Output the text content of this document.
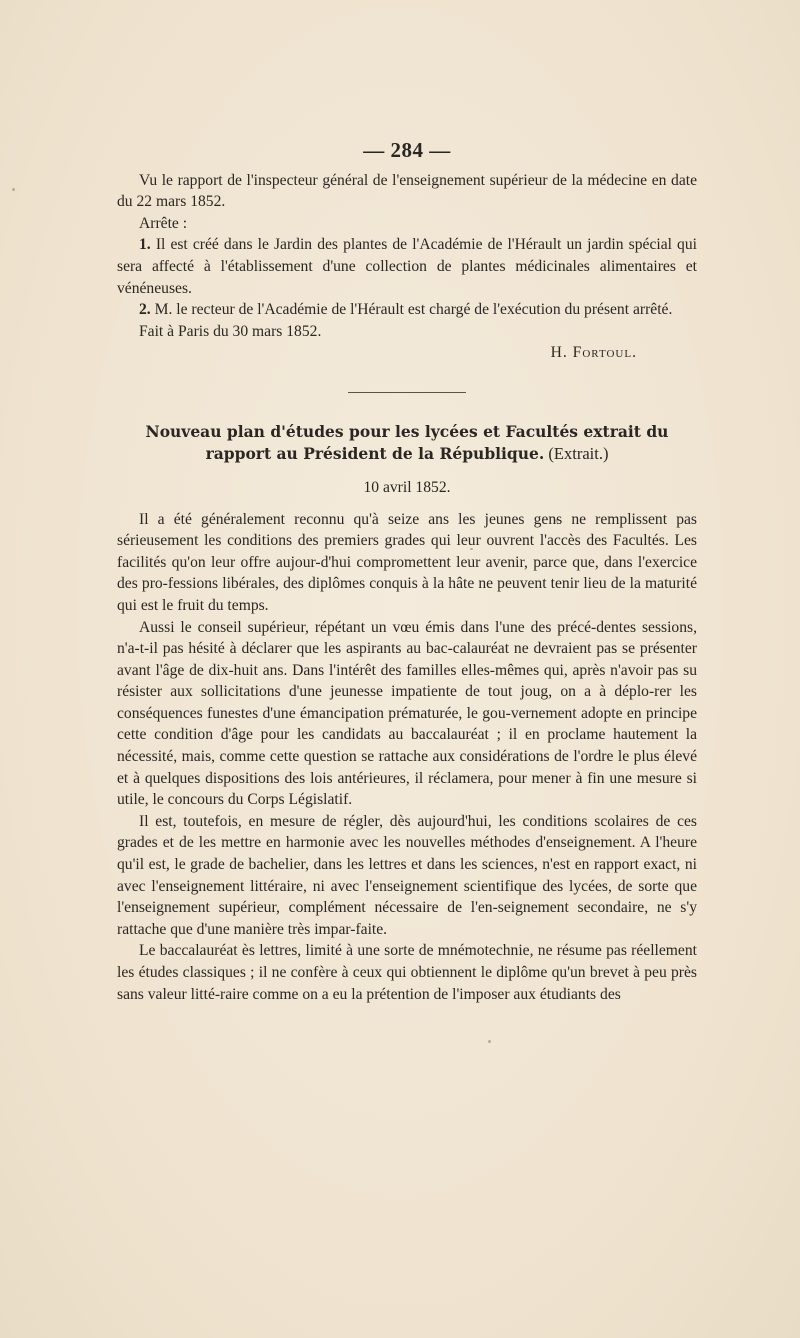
— 284 —

Vu le rapport de l'inspecteur général de l'enseignement supérieur de la médecine en date du 22 mars 1852.

Arrête :

1. Il est créé dans le Jardin des plantes de l'Académie de l'Hérault un jardin spécial qui sera affecté à l'établissement d'une collection de plantes médicinales alimentaires et vénéneuses.

2. M. le recteur de l'Académie de l'Hérault est chargé de l'exécution du présent arrêté.

Fait à Paris du 30 mars 1852.

H. Fortoul.

Nouveau plan d'études pour les lycées et Facultés extrait du rapport au Président de la République. (Extrait.)
10 avril 1852.

Il a été généralement reconnu qu'à seize ans les jeunes gens ne remplissent pas sérieusement les conditions des premiers grades qui leur ouvrent l'accès des Facultés. Les facilités qu'on leur offre aujour-d'hui compromettent leur avenir, parce que, dans l'exercice des pro-fessions libérales, des diplômes conquis à la hâte ne peuvent tenir lieu de la maturité qui est le fruit du temps.

Aussi le conseil supérieur, répétant un vœu émis dans l'une des précé-dentes sessions, n'a-t-il pas hésité à déclarer que les aspirants au bac-calauréat ne devraient pas se présenter avant l'âge de dix-huit ans. Dans l'intérêt des familles elles-mêmes qui, après n'avoir pas su résister aux sollicitations d'une jeunesse impatiente de tout joug, on a à déplo-rer les conséquences funestes d'une émancipation prématurée, le gou-vernement adopte en principe cette condition d'âge pour les candidats au baccalauréat ; il en proclame hautement la nécessité, mais, comme cette question se rattache aux considérations de l'ordre le plus élevé et à quelques dispositions des lois antérieures, il réclamera, pour mener à fin une mesure si utile, le concours du Corps Législatif.

Il est, toutefois, en mesure de régler, dès aujourd'hui, les conditions scolaires de ces grades et de les mettre en harmonie avec les nouvelles méthodes d'enseignement. A l'heure qu'il est, le grade de bachelier, dans les lettres et dans les sciences, n'est en rapport exact, ni avec l'enseignement littéraire, ni avec l'enseignement scientifique des lycées, de sorte que l'enseignement supérieur, complément nécessaire de l'en-seignement secondaire, ne s'y rattache que d'une manière très impar-faite.

Le baccalauréat ès lettres, limité à une sorte de mnémotechnie, ne résume pas réellement les études classiques ; il ne confère à ceux qui obtiennent le diplôme qu'un brevet à peu près sans valeur litté-raire comme on a eu la prétention de l'imposer aux étudiants des
